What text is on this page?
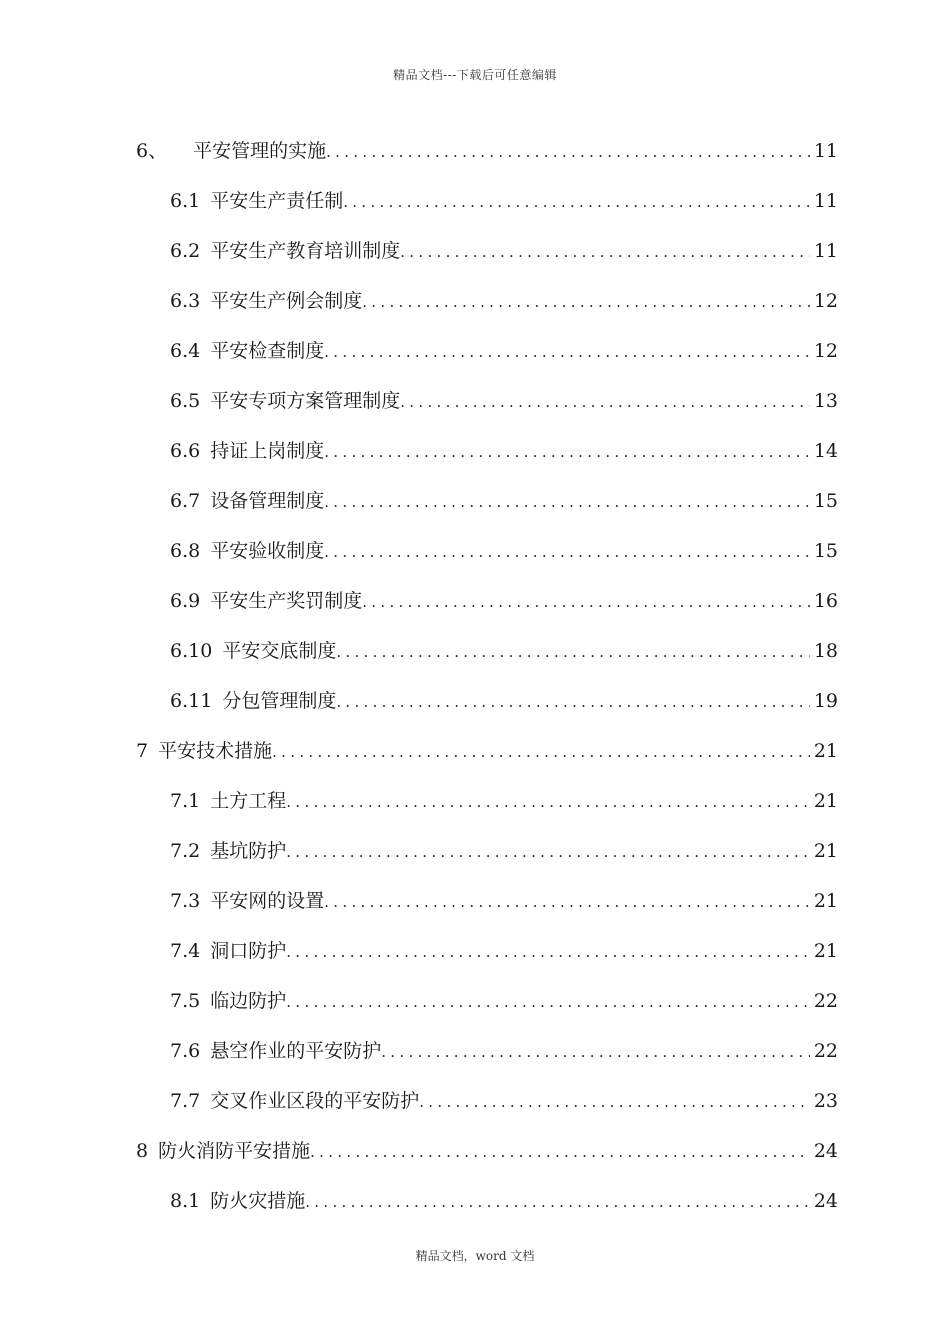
精品文档---下载后可任意编辑
6、 平安管理的实施 .....	11
6.1 平安生产责任制 .....	11
6.2 平安生产教育培训制度 .....	11
6.3 平安生产例会制度 .....	12
6.4 平安检查制度 .....	12
6.5 平安专项方案管理制度 .....	13
6.6 持证上岗制度 .....	14
6.7 设备管理制度 .....	15
6.8 平安验收制度 .....	15
6.9 平安生产奖罚制度 .....	16
6.10 平安交底制度 .....	18
6.11 分包管理制度 .....	19
7 平安技术措施 .....	21
7.1 土方工程 .....	21
7.2 基坑防护 .....	21
7.3 平安网的设置 .....	21
7.4 洞口防护 .....	21
7.5 临边防护 .....	22
7.6 悬空作业的平安防护 .....	22
7.7 交叉作业区段的平安防护 .....	23
8 防火消防平安措施 .....	24
8.1 防火灾措施 .....	24
精品文档，word 文档
